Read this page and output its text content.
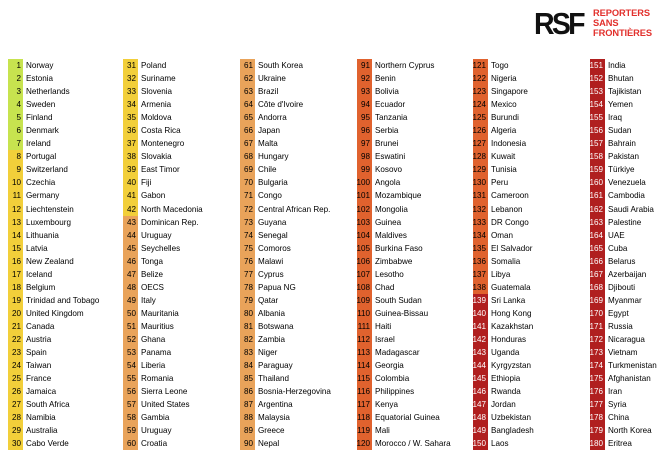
RSF REPORTERS
SANS FRONTIÈRES
1 Norway
2 Estonia
3 Netherlands
4 Sweden
5 Finland
6 Denmark
7 Ireland
8 Portugal
9 Switzerland
10 Czechia
11 Germany
12 Liechtenstein
13 Luxembourg
14 Lithuania
15 Latvia
16 New Zealand
17 Iceland
18 Belgium
19 Trinidad and Tobago
20 United Kingdom
21 Canada
22 Austria
23 Spain
24 Taiwan
25 France
26 Jamaica
27 South Africa
28 Namibia
29 Australia
30 Cabo Verde
31 Poland
32 Suriname
33 Slovenia
34 Armenia
35 Moldova
36 Costa Rica
37 Montenegro
38 Slovakia
39 East Timor
40 Fiji
41 Gabon
42 North Macedonia
43 Dominican Rep.
44 Uruguay
45 Seychelles
46 Tonga
47 Belize
48 OECS
49 Italy
50 Mauritania
51 Mauritius
52 Ghana
53 Panama
54 Liberia
55 Romania
56 Sierra Leone
57 United States
58 Gambia
59 Uruguay
60 Croatia
61 South Korea
62 Ukraine
63 Brazil
64 Côte d'Ivoire
65 Andorra
66 Japan
67 Malta
68 Hungary
69 Chile
70 Bulgaria
71 Congo
72 Central African Rep.
73 Guyana
74 Senegal
75 Comoros
76 Malawi
77 Cyprus
78 Papua NG
79 Qatar
80 Albania
81 Botswana
82 Zambia
83 Niger
84 Paraguay
85 Thailand
86 Bosnia-Herzegovina
87 Argentina
88 Malaysia
89 Greece
90 Nepal
91 Northern Cyprus
92 Benin
93 Bolivia
94 Ecuador
95 Tanzania
96 Serbia
97 Brunei
98 Eswatini
99 Kosovo
100 Angola
101 Mozambique
102 Mongolia
103 Guinea
104 Maldives
105 Burkina Faso
106 Zimbabwe
107 Lesotho
108 Chad
109 South Sudan
110 Guinea-Bissau
111 Haiti
112 Israel
113 Madagascar
114 Georgia
115 Colombia
116 Philippines
117 Kenya
118 Equatorial Guinea
119 Mali
120 Morocco / W. Sahara
121 Togo
122 Nigeria
123 Singapore
124 Mexico
125 Burundi
126 Algeria
127 Indonesia
128 Kuwait
129 Tunisia
130 Peru
131 Cameroon
132 Lebanon
133 DR Congo
134 Oman
135 El Salvador
136 Somalia
137 Libya
138 Guatemala
139 Sri Lanka
140 Hong Kong
141 Kazakhstan
142 Honduras
143 Uganda
144 Kyrgyzstan
145 Ethiopia
146 Rwanda
147 Jordan
148 Uzbekistan
149 Bangladesh
150 Laos
151 India
152 Bhutan
153 Tajikistan
154 Yemen
155 Iraq
156 Sudan
157 Bahrain
158 Pakistan
159 Türkiye
160 Venezuela
161 Cambodia
162 Saudi Arabia
163 Palestine
164 UAE
165 Cuba
166 Belarus
167 Azerbaijan
168 Djibouti
169 Myanmar
170 Egypt
171 Russia
172 Nicaragua
173 Vietnam
174 Turkmenistan
175 Afghanistan
176 Iran
177 Syria
178 China
179 North Korea
180 Eritrea
